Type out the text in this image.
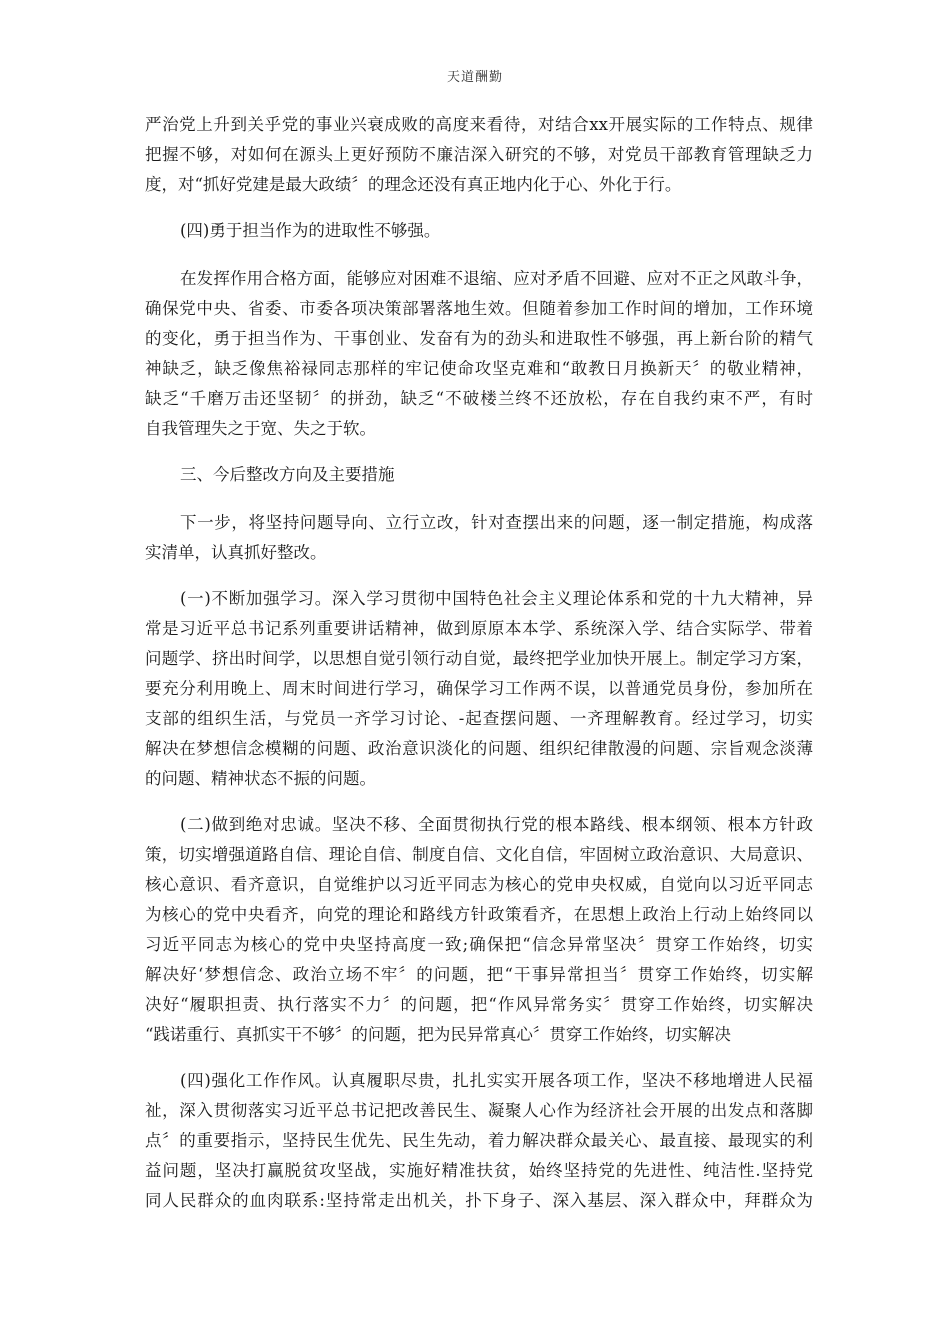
天道酬勤

严治党上升到关乎党的事业兴衰成败的高度来看待，对结合xx开展实际的工作特点、规律
把握不够，对如何在源头上更好预防不廉洁深入研究的不够，对党员干部教育管理缺乏力
度，对“抓好党建是最大政绩〞的理念还没有真正地内化于心、外化于行。

(四)勇于担当作为的进取性不够强。

在发挥作用合格方面，能够应对困难不退缩、应对矛盾不回避、应对不正之风敢斗争，
确保党中央、省委、市委各项决策部署落地生效。但随着参加工作时间的增加，工作环境
的变化，勇于担当作为、干事创业、发奋有为的劲头和进取性不够强，再上新台阶的精气
神缺乏，缺乏像焦裕禄同志那样的牢记使命攻坚克难和“敢教日月换新天〞的敬业精神，
缺乏“千磨万击还坚韧〞的拼劲，缺乏“不破楼兰终不还放松，存在自我约束不严，有时
自我管理失之于宽、失之于软。

三、今后整改方向及主要措施

下一步，将坚持问题导向、立行立改，针对查摆出来的问题，逐一制定措施，构成落
实清单，认真抓好整改。

(一)不断加强学习。深入学习贯彻中国特色社会主义理论体系和党的十九大精神，异
常是习近平总书记系列重要讲话精神，做到原原本本学、系统深入学、结合实际学、带着
问题学、挤出时间学，以思想自觉引领行动自觉，最终把学业加快开展上。制定学习方案，
要充分利用晚上、周末时间进行学习，确保学习工作两不误，以普通党员身份，参加所在
支部的组织生活，与党员一齐学习讨论、-起查摆问题、一齐理解教育。经过学习，切实
解决在梦想信念模糊的问题、政治意识淡化的问题、组织纪律散漫的问题、宗旨观念淡薄
的问题、精神状态不振的问题。

(二)做到绝对忠诚。坚决不移、全面贯彻执行党的根本路线、根本纲领、根本方针政
策，切实增强道路自信、理论自信、制度自信、文化自信，牢固树立政治意识、大局意识、
核心意识、看齐意识，自觉维护以习近平同志为核心的党申央权威，自觉向以习近平同志
为核心的党中央看齐，向党的理论和路线方针政策看齐，在思想上政治上行动上始终同以
习近平同志为核心的党中央坚持高度一致;确保把“信念异常坚决〞贯穿工作始终，切实
解决好‘梦想信念、政治立场不牢〞的问题，把“干事异常担当〞贯穿工作始终，切实解
决好“履职担责、执行落实不力〞的问题，把“作风异常务实〞贯穿工作始终，切实解决
“践诺重行、真抓实干不够〞的问题，把为民异常真心〞贯穿工作始终，切实解决

(四)强化工作作风。认真履职尽贵，扎扎实实开展各项工作，坚决不移地增进人民福
祉，深入贯彻落实习近平总书记把改善民生、凝聚人心作为经济社会开展的出发点和落脚
点〞的重要指示，坚持民生优先、民生先动，着力解决群众最关心、最直接、最现实的利
益问题，坚决打赢脱贫攻坚战，实施好精准扶贫，始终坚持党的先进性、纯洁性.坚持党
同人民群众的血肉联系:坚持常走出机关，扑下身子、深入基层、深入群众中，拜群众为
